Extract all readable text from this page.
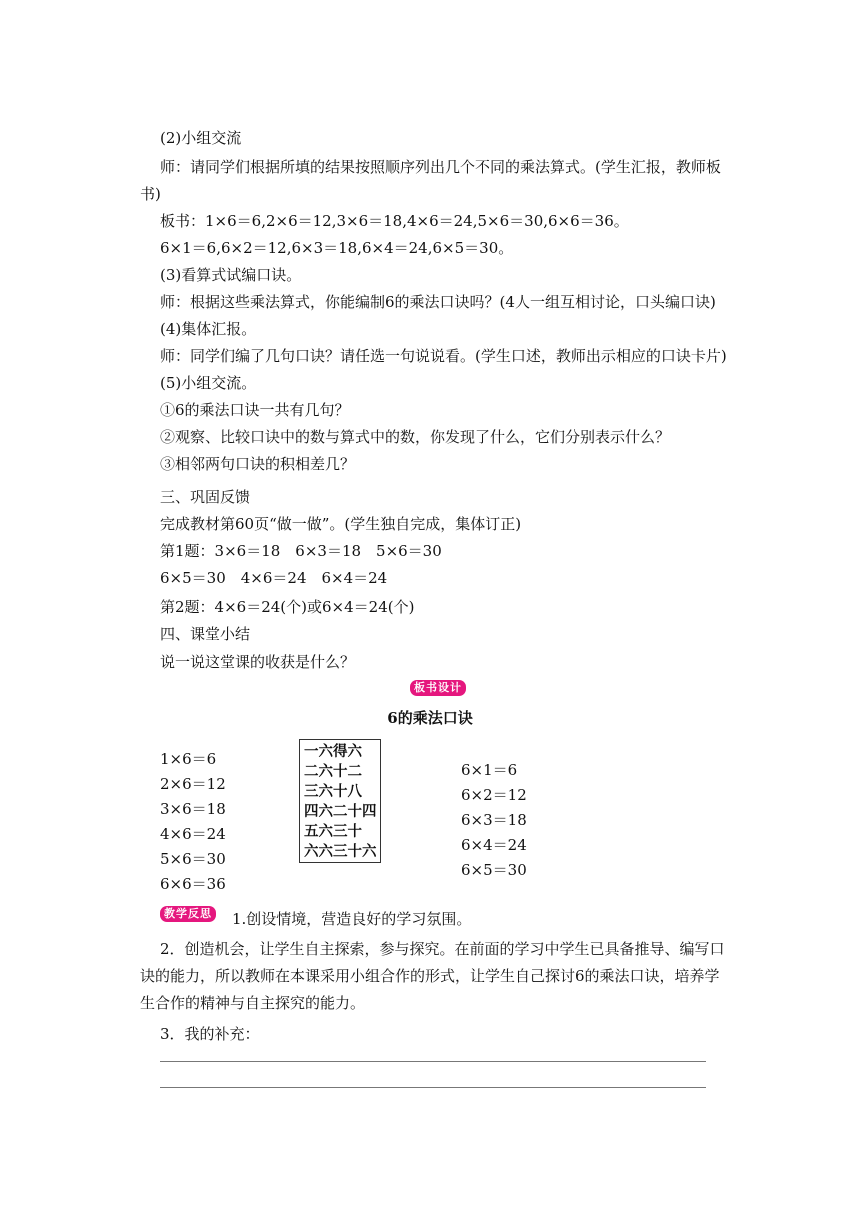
(2)小组交流
师：请同学们根据所填的结果按照顺序列出几个不同的乘法算式。(学生汇报，教师板
书)
板书：1×6＝6,2×6＝12,3×6＝18,4×6＝24,5×6＝30,6×6＝36。
6×1＝6,6×2＝12,6×3＝18,6×4＝24,6×5＝30。
(3)看算式试编口诀。
师：根据这些乘法算式，你能编制6的乘法口诀吗？(4人一组互相讨论，口头编口诀)
(4)集体汇报。
师：同学们编了几句口诀？请任选一句说说看。(学生口述，教师出示相应的口诀卡片)
(5)小组交流。
①6的乘法口诀一共有几句？
②观察、比较口诀中的数与算式中的数，你发现了什么，它们分别表示什么？
③相邻两句口诀的积相差几？
三、巩固反馈
完成教材第60页“做一做”。(学生独自完成，集体订正)
第1题：3×6＝18　6×3＝18　5×6＝30
6×5＝30　4×6＝24　6×4＝24
第2题：4×6＝24(个)或6×4＝24(个)
四、课堂小结
说一说这堂课的收获是什么？
板书设计
6的乘法口诀
1×6＝6
2×6＝12
3×6＝18
4×6＝24
5×6＝30
6×6＝36
一六得六
二六十二
三六十八
四六二十四
五六三十
六六三十六
6×1＝6
6×2＝12
6×3＝18
6×4＝24
6×5＝30
教学反思 1.创设情境，营造良好的学习氛围。
2．创造机会，让学生自主探索，参与探究。在前面的学习中学生已具备推导、编写口诀的能力，所以教师在本课采用小组合作的形式，让学生自己探讨6的乘法口诀，培养学生合作的精神与自主探究的能力。
3．我的补充：
